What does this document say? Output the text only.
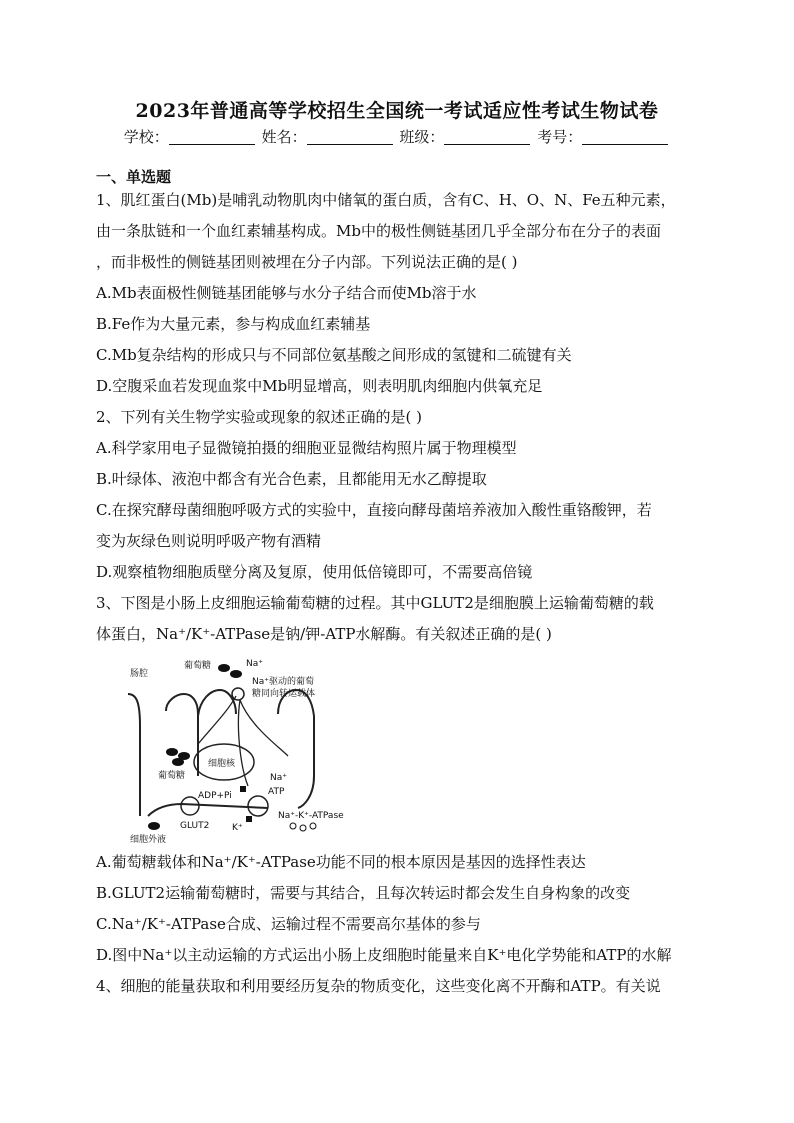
2023年普通高等学校招生全国统一考试适应性考试生物试卷
学校：	姓名：	班级：	考号：
一、单选题
1、肌红蛋白(Mb)是哺乳动物肌肉中储氧的蛋白质，含有C、H、O、N、Fe五种元素，
由一条肽链和一个血红素辅基构成。Mb中的极性侧链基团几乎全部分布在分子的表面
，而非极性的侧链基团则被埋在分子内部。下列说法正确的是( )
A.Mb表面极性侧链基团能够与水分子结合而使Mb溶于水
B.Fe作为大量元素，参与构成血红素辅基
C.Mb复杂结构的形成只与不同部位氨基酸之间形成的氢键和二硫键有关
D.空腹采血若发现血浆中Mb明显增高，则表明肌肉细胞内供氧充足
2、下列有关生物学实验或现象的叙述正确的是( )
A.科学家用电子显微镜拍摄的细胞亚显微结构照片属于物理模型
B.叶绿体、液泡中都含有光合色素，且都能用无水乙醇提取
C.在探究酵母菌细胞呼吸方式的实验中，直接向酵母菌培养液加入酸性重铬酸钾，若
变为灰绿色则说明呼吸产物有酒精
D.观察植物细胞质壁分离及复原，使用低倍镜即可，不需要高倍镜
3、下图是小肠上皮细胞运输葡萄糖的过程。其中GLUT2是细胞膜上运输葡萄糖的载
体蛋白，Na⁺/K⁺-ATPase是钠/钾-ATP水解酶。有关叙述正确的是( )
肠腔
葡萄糖	Na⁺
Na⁺驱动的葡萄
糖同向转运载体
葡萄糖
细胞核
ADP+Pi	ATP
Na⁺
GLUT2	K⁺
Na⁺-K⁺-ATPase
细胞外液
A.葡萄糖载体和Na⁺/K⁺-ATPase功能不同的根本原因是基因的选择性表达
B.GLUT2运输葡萄糖时，需要与其结合，且每次转运时都会发生自身构象的改变
C.Na⁺/K⁺-ATPase合成、运输过程不需要高尔基体的参与
D.图中Na⁺以主动运输的方式运出小肠上皮细胞时能量来自K⁺电化学势能和ATP的水解
4、细胞的能量获取和利用要经历复杂的物质变化，这些变化离不开酶和ATP。有关说
